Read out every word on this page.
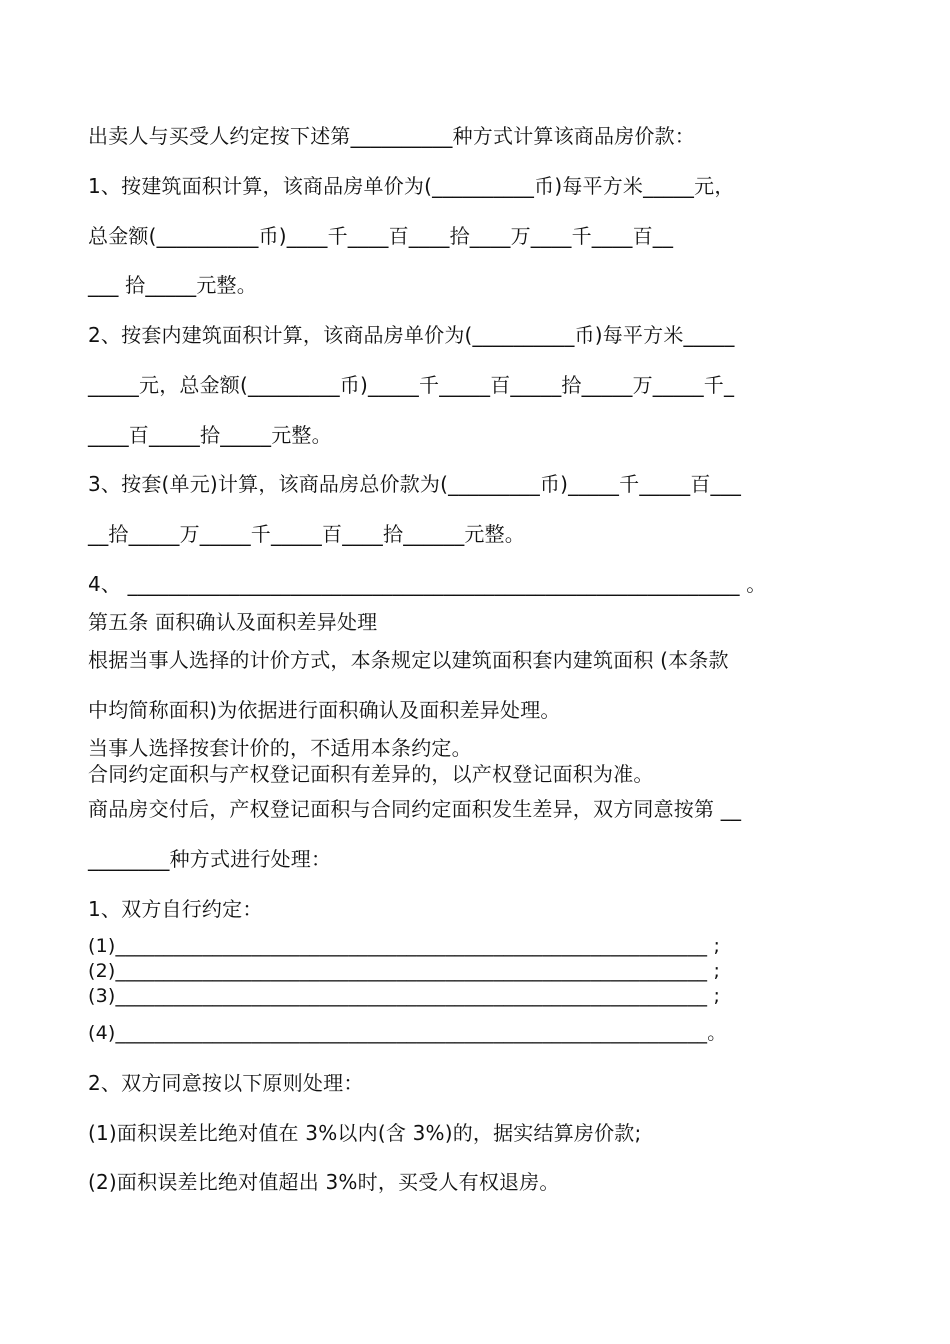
出卖人与买受人约定按下述第__________种方式计算该商品房价款：
1、按建筑面积计算，该商品房单价为(__________币)每平方米_____元，
总金额(__________币)____千____百____拾____万____千____百__
___ 拾_____元整。
2、按套内建筑面积计算，该商品房单价为(__________币)每平方米_____
_____元，总金额(_________币)_____千_____百_____拾_____万_____千_
____百_____拾_____元整。
3、按套(单元)计算，该商品房总价款为(_________币)_____千_____百___
__拾_____万_____千_____百____拾______元整。
4、 ____________________________________________________________ 。
第五条 面积确认及面积差异处理
根据当事人选择的计价方式，本条规定以建筑面积套内建筑面积 (本条款
中均简称面积)为依据进行面积确认及面积差异处理。
当事人选择按套计价的，不适用本条约定。
合同约定面积与产权登记面积有差异的，以产权登记面积为准。
商品房交付后，产权登记面积与合同约定面积发生差异，双方同意按第 __
________种方式进行处理：
1、双方自行约定：
(1)_____________________________________________________________ ;
(2)_____________________________________________________________ ;
(3)_____________________________________________________________ ;
(4)_____________________________________________________________。
2、双方同意按以下原则处理：
(1)面积误差比绝对值在 3%以内(含 3%)的，据实结算房价款;
(2)面积误差比绝对值超出 3%时，买受人有权退房。
